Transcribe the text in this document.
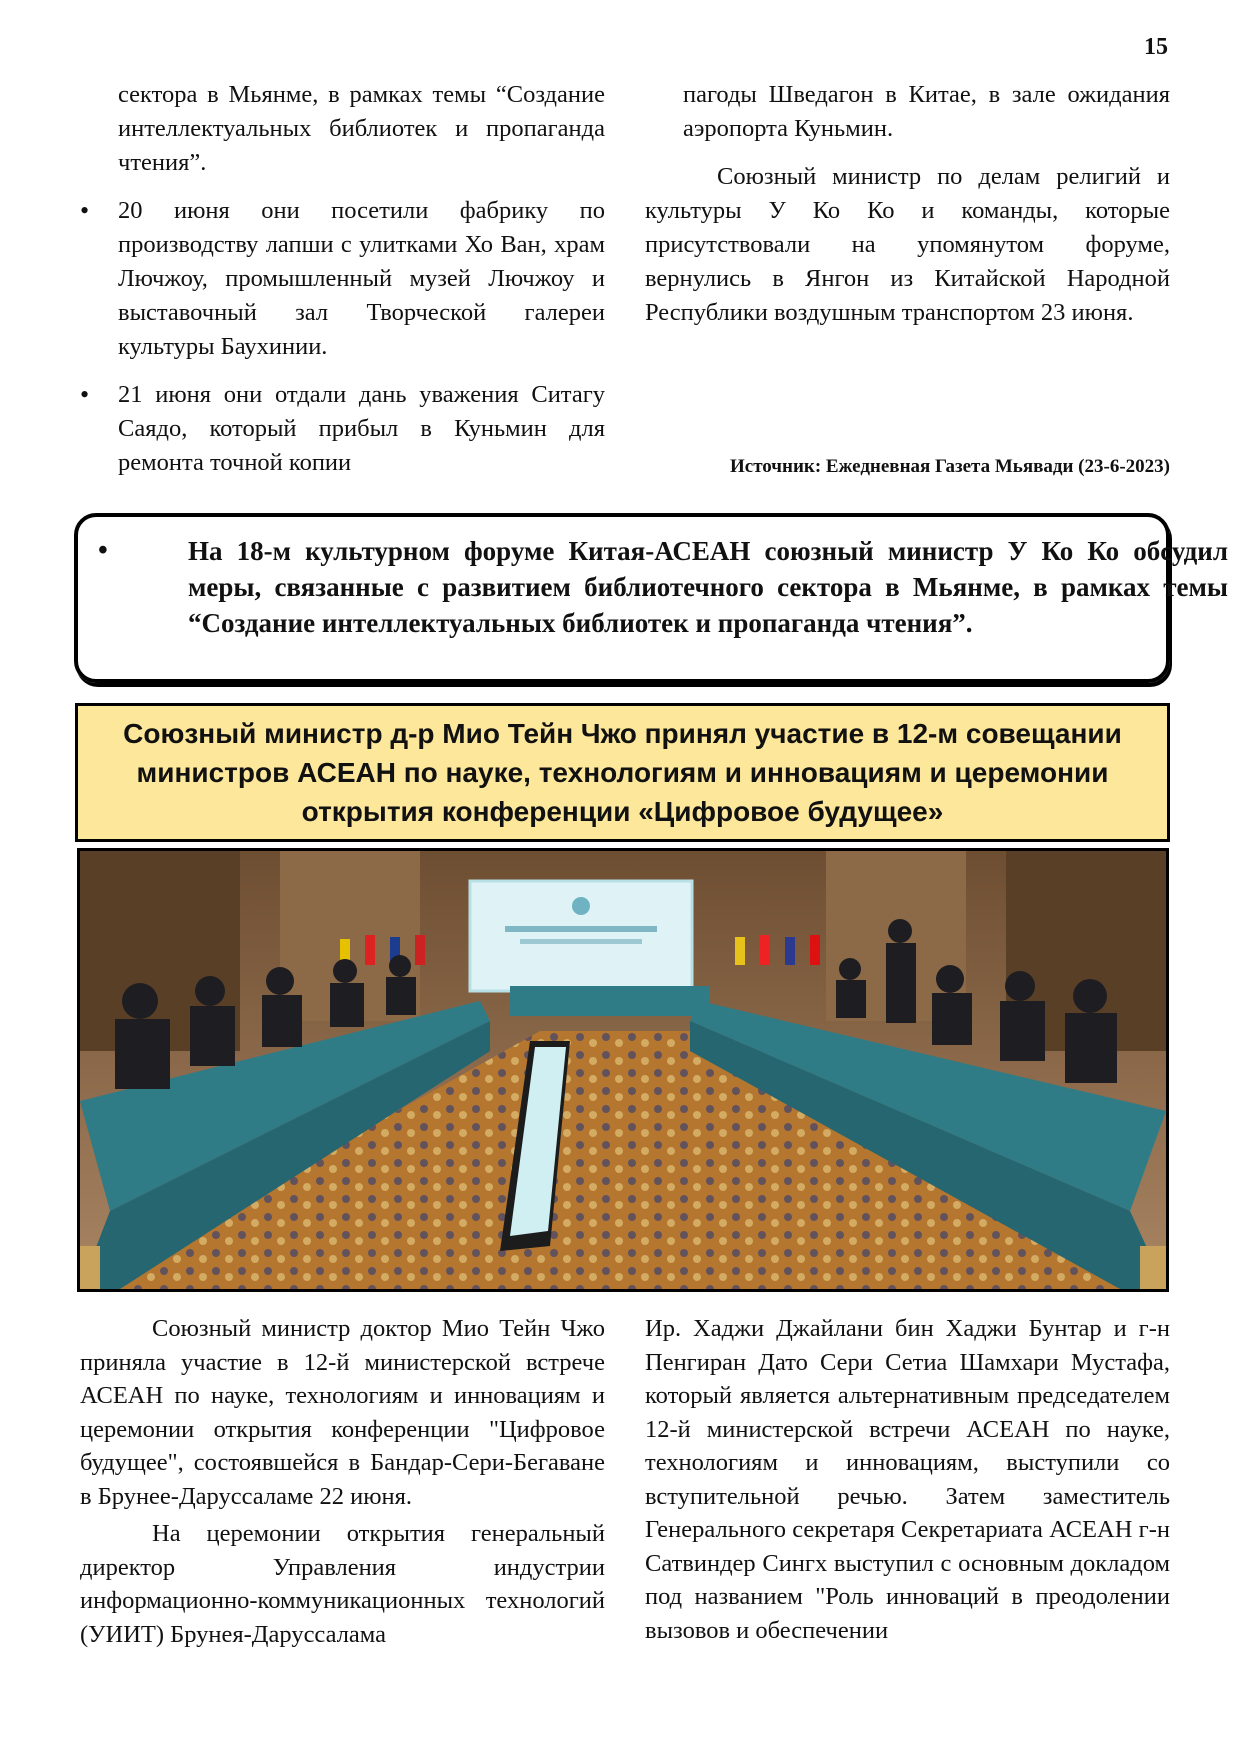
15
сектора в Мьянме, в рамках темы “Создание интеллектуальных библиотек и пропаганда чтения”.
• 20 июня они посетили фабрику по производству лапши с улитками Хо Ван, храм Лючжоу, промышленный музей Лючжоу и выставочный зал Творческой галереи культуры Баухинии.
• 21 июня они отдали дань уважения Ситагу Саядо, который прибыл в Куньмин для ремонта точной копии
пагоды Шведагон в Китае, в зале ожидания аэропорта Куньмин.

Союзный министр по делам религий и культуры У Ко Ко и команды, которые присутствовали на упомянутом форуме, вернулись в Янгон из Китайской Народной Республики воздушным транспортом 23 июня.

Источник: Ежедневная Газета Мьявади (23-6-2023)
• На 18-м культурном форуме Китая-АСЕАН союзный министр У Ко Ко обсудил меры, связанные с развитием библиотечного сектора в Мьянме, в рамках темы “Создание интеллектуальных библиотек и пропаганда чтения”.
Союзный министр д-р Мио Тейн Чжо принял участие в 12-м совещании министров АСЕАН по науке, технологиям и инновациям и церемонии открытия конференции «Цифровое будущее»

Союзный министр доктор Мио Тейн Чжо приняла участие в 12-й министерской встрече АСЕАН по науке, технологиям и инновациям и церемонии открытия конференции "Цифровое будущее", состоявшейся в Бандар-Сери-Бегаване в Брунее-Даруссаламе 22 июня.

На церемонии открытия генеральный директор Управления индустрии информационно-коммуникационных технологий (УИИТ) Брунея-Даруссалама

Ир. Хаджи Джайлани бин Хаджи Бунтар и г-н Пенгиран Дато Сери Сетиа Шамхари Мустафа, который является альтернативным председателем 12-й министерской встречи АСЕАН по науке, технологиям и инновациям, выступили со вступительной речью. Затем заместитель Генерального секретаря Секретариата АСЕАН г-н Сатвиндер Сингх выступил с основным докладом под названием "Роль инноваций в преодолении вызовов и обеспечении
